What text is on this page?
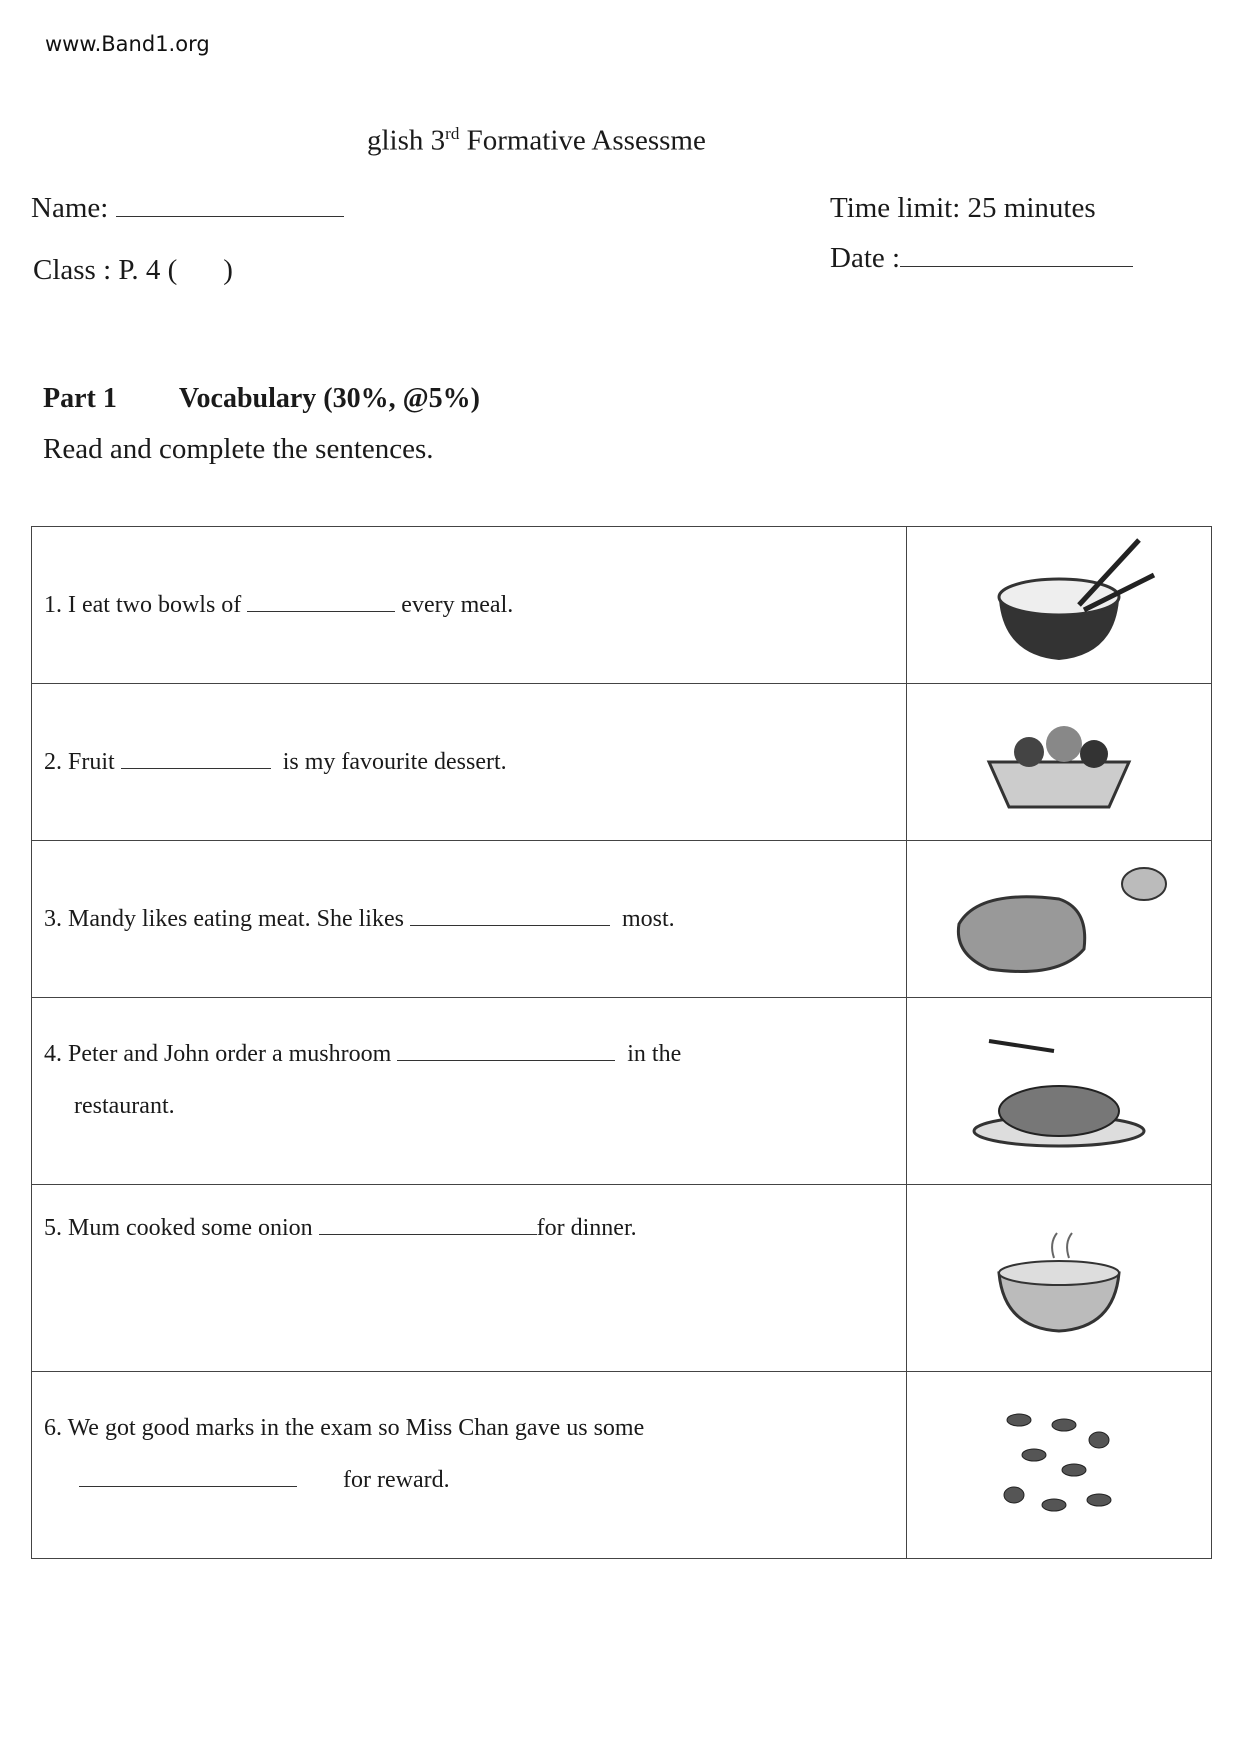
www.Band1.org
glish 3rd Formative Assessme
Name:
Class : P. 4 ( )
Time limit: 25 minutes
Date :
Part 1 Vocabulary (30%, @5%)
Read and complete the sentences.
1. I eat two bowls of every meal.	

2. Fruit is my favourite dessert.	

3. Mandy likes eating meat. She likes most.	

4. Peter and John order a mushroom in the
restaurant.	

5. Mum cooked some onion for dinner.	

6. We got good marks in the exam so Miss Chan gave us some
for reward.	
